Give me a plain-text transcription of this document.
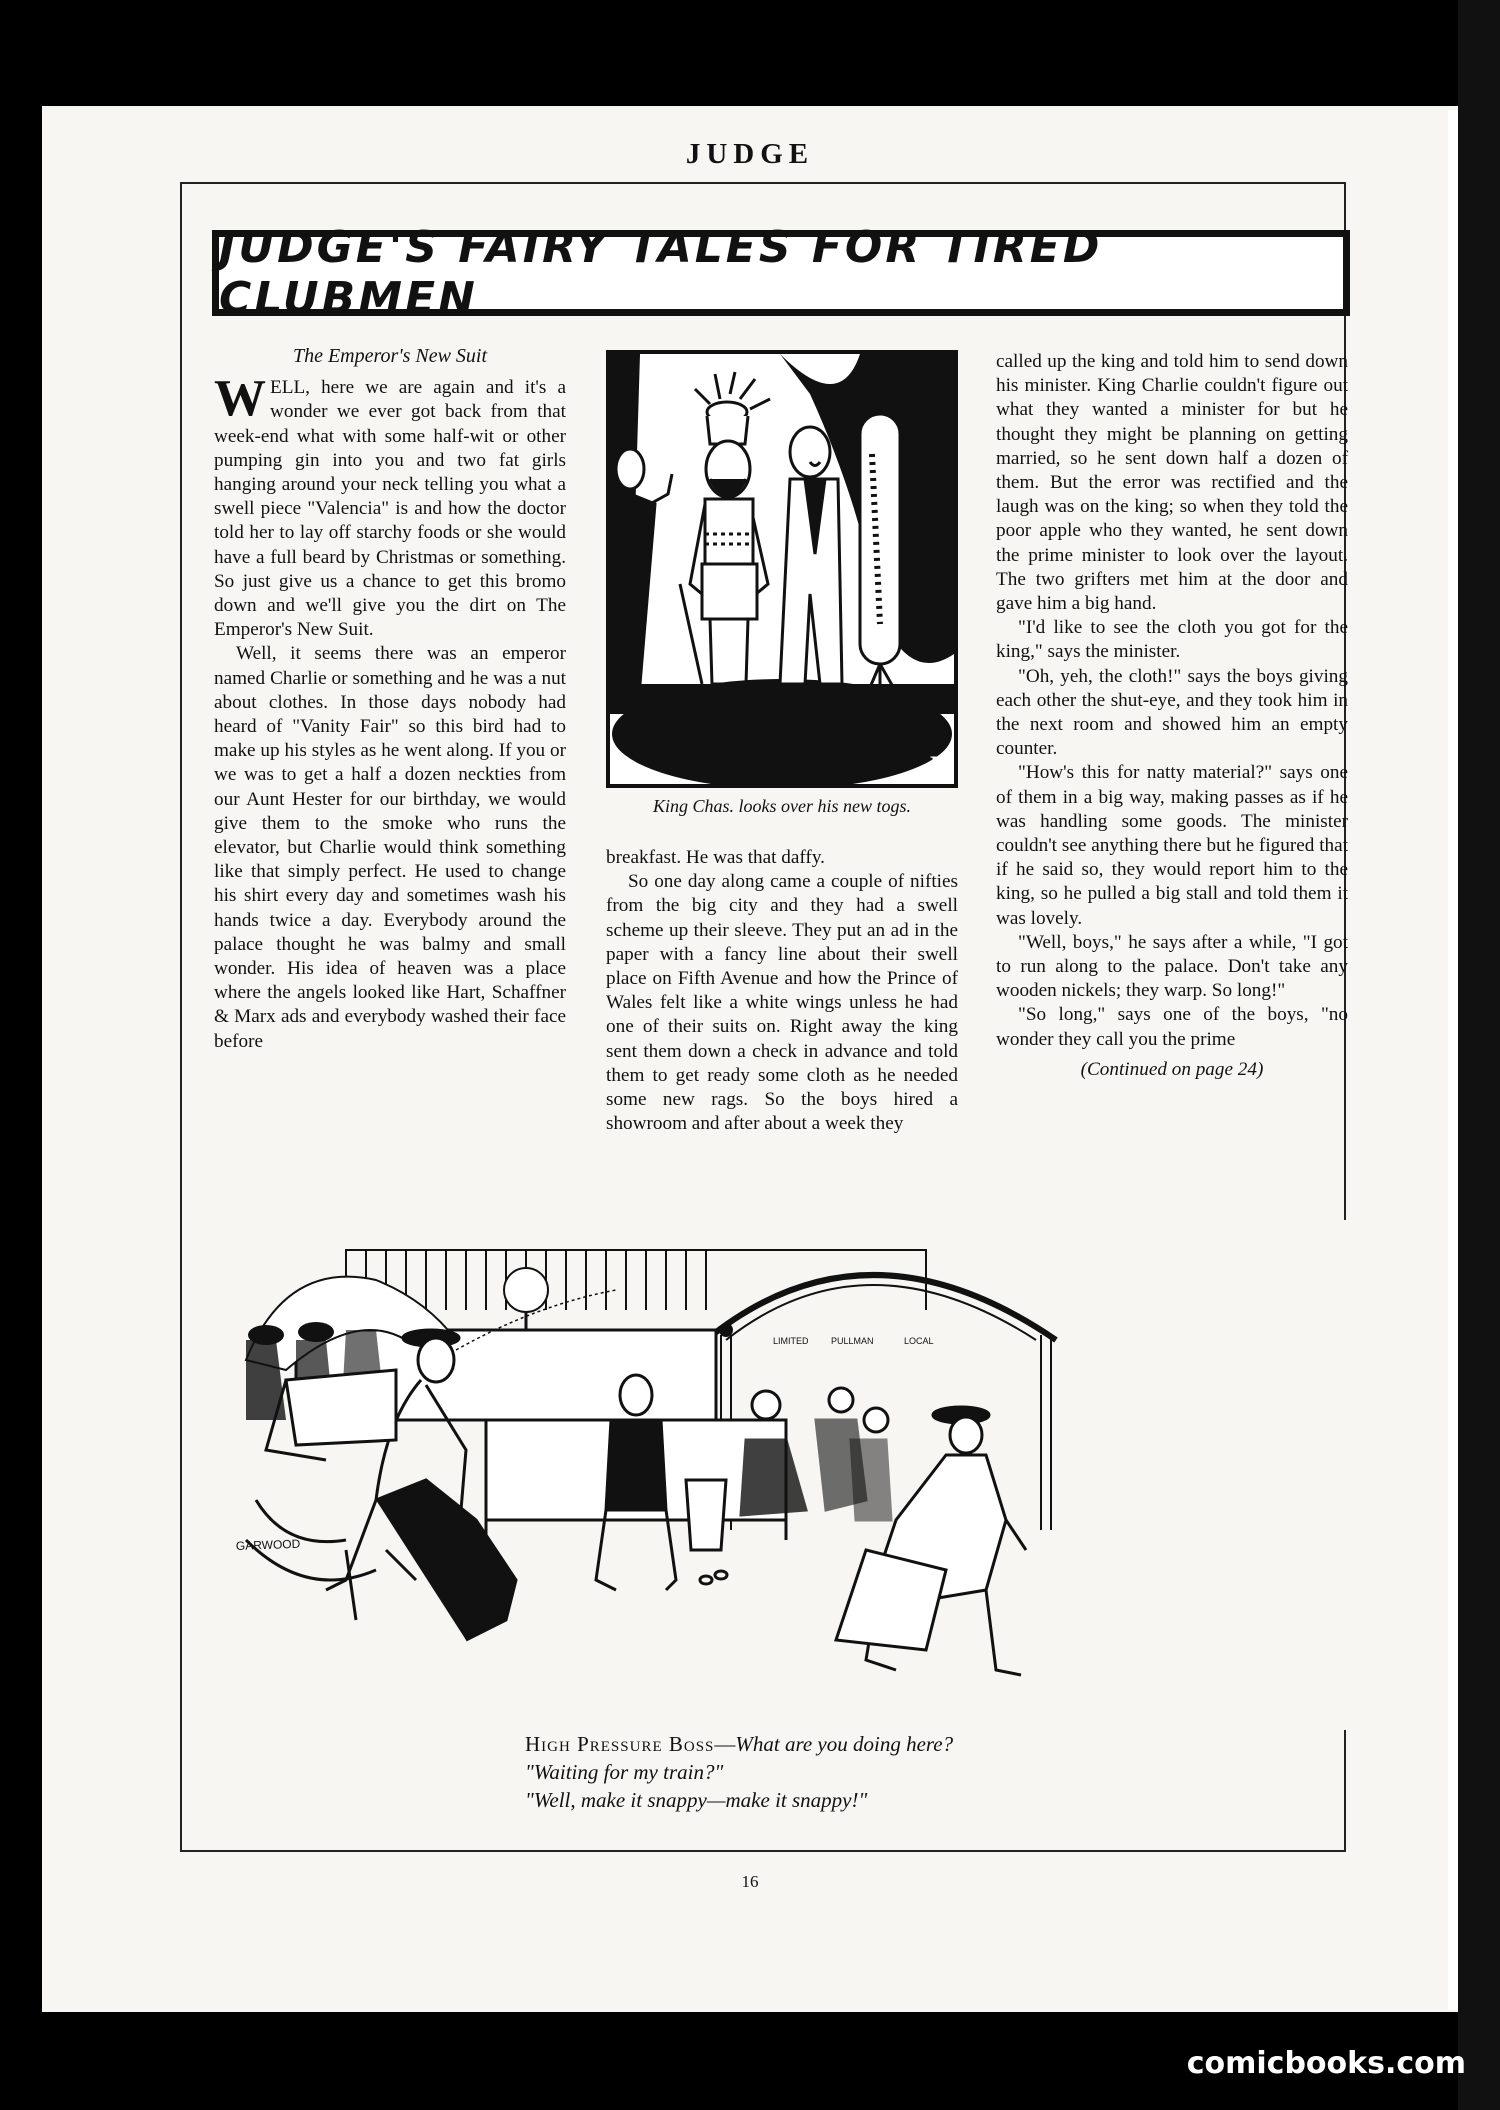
JUDGE
JUDGE'S FAIRY TALES FOR TIRED CLUBMEN
The Emperor's New Suit

WELL, here we are again and it's a wonder we ever got back from that week-end what with some half-wit or other pumping gin into you and two fat girls hanging around your neck telling you what a swell piece "Valencia" is and how the doctor told her to lay off starchy foods or she would have a full beard by Christmas or something. So just give us a chance to get this bromo down and we'll give you the dirt on The Emperor's New Suit.

Well, it seems there was an emperor named Charlie or something and he was a nut about clothes. In those days nobody had heard of "Vanity Fair" so this bird had to make up his styles as he went along. If you or we was to get a half a dozen neckties from our Aunt Hester for our birthday, we would give them to the smoke who runs the elevator, but Charlie would think something like that simply perfect. He used to change his shirt every day and sometimes wash his hands twice a day. Everybody around the palace thought he was balmy and small wonder. His idea of heaven was a place where the angels looked like Hart, Schaffner & Marx ads and everybody washed their face before

P
King Chas. looks over his new togs.

breakfast. He was that daffy.

So one day along came a couple of nifties from the big city and they had a swell scheme up their sleeve. They put an ad in the paper with a fancy line about their swell place on Fifth Avenue and how the Prince of Wales felt like a white wings unless he had one of their suits on. Right away the king sent them down a check in advance and told them to get ready some cloth as he needed some new rags. So the boys hired a showroom and after about a week they

called up the king and told him to send down his minister. King Charlie couldn't figure out what they wanted a minister for but he thought they might be planning on getting married, so he sent down half a dozen of them. But the error was rectified and the laugh was on the king; so when they told the poor apple who they wanted, he sent down the prime minister to look over the layout. The two grifters met him at the door and gave him a big hand.

"I'd like to see the cloth you got for the king," says the minister.

"Oh, yeh, the cloth!" says the boys giving each other the shut-eye, and they took him in the next room and showed him an empty counter.

"How's this for natty material?" says one of them in a big way, making passes as if he was handling some goods. The minister couldn't see anything there but he figured that if he said so, they would report him to the king, so he pulled a big stall and told them it was lovely.

"Well, boys," he says after a while, "I got to run along to the palace. Don't take any wooden nickels; they warp. So long!"

"So long," says one of the boys, "no wonder they call you the prime

(Continued on page 24)
LIMITED PULLMAN	LOCAL
GARWOOD
High Pressure Boss—What are you doing here?
"Waiting for my train?"
"Well, make it snappy—make it snappy!"
16
comicbooks.com
